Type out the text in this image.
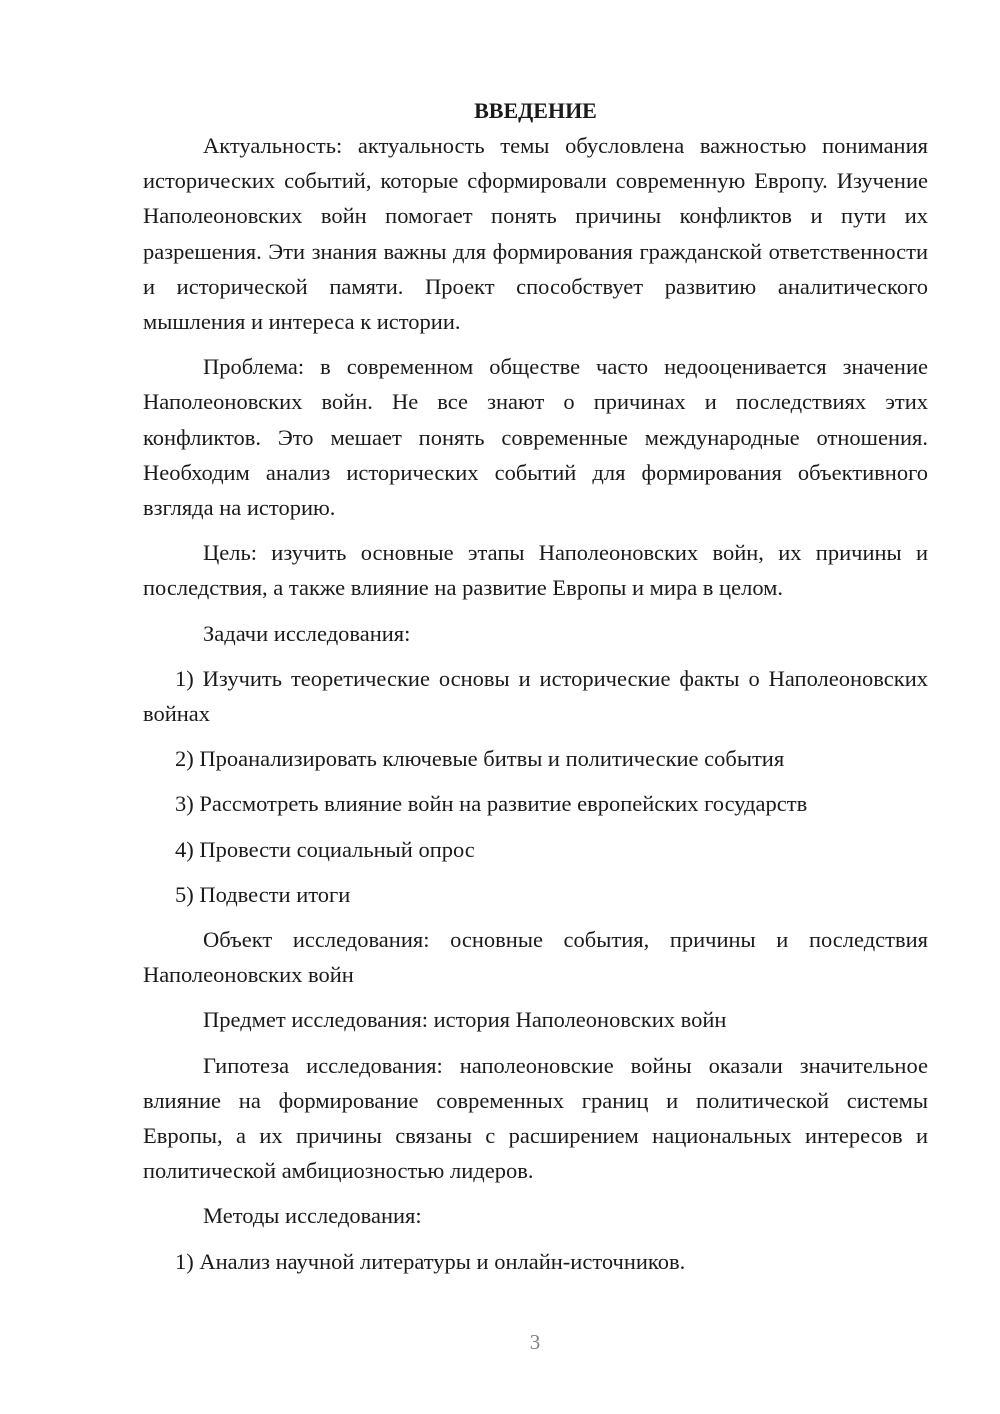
ВВЕДЕНИЕ

Актуальность: актуальность темы обусловлена важностью понимания исторических событий, которые сформировали современную Европу. Изучение Наполеоновских войн помогает понять причины конфликтов и пути их разрешения. Эти знания важны для формирования гражданской ответственности и исторической памяти. Проект способствует развитию аналитического мышления и интереса к истории.

Проблема: в современном обществе часто недооценивается значение Наполеоновских войн. Не все знают о причинах и последствиях этих конфликтов. Это мешает понять современные международные отношения. Необходим анализ исторических событий для формирования объективного взгляда на историю.

Цель: изучить основные этапы Наполеоновских войн, их причины и последствия, а также влияние на развитие Европы и мира в целом.

Задачи исследования:

1) Изучить теоретические основы и исторические факты о Наполеоновских войнах

2) Проанализировать ключевые битвы и политические события

3) Рассмотреть влияние войн на развитие европейских государств

4) Провести социальный опрос

5) Подвести итоги

Объект исследования: основные события, причины и последствия Наполеоновских войн

Предмет исследования: история Наполеоновских войн

Гипотеза исследования: наполеоновские войны оказали значительное влияние на формирование современных границ и политической системы Европы, а их причины связаны с расширением национальных интересов и политической амбициозностью лидеров.

Методы исследования:

1) Анализ научной литературы и онлайн-источников.

3
